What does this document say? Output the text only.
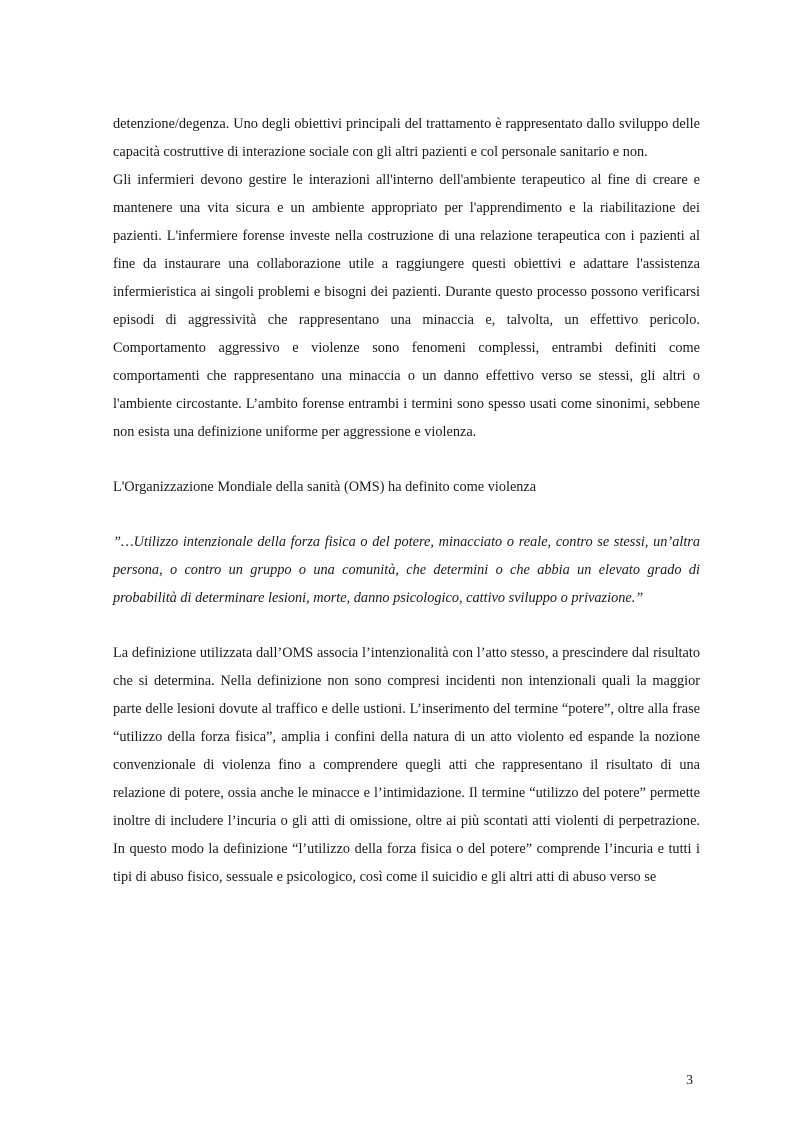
detenzione/degenza. Uno degli obiettivi principali del trattamento è rappresentato dallo sviluppo delle capacità costruttive di interazione sociale con gli altri pazienti e col personale sanitario e non.

Gli infermieri devono gestire le interazioni all'interno dell'ambiente terapeutico al fine di creare e mantenere una vita sicura e un ambiente appropriato per l'apprendimento e la riabilitazione dei pazienti. L'infermiere forense investe nella costruzione di una relazione terapeutica con i pazienti al fine da instaurare una collaborazione utile a raggiungere questi obiettivi e adattare l'assistenza infermieristica ai singoli problemi e bisogni dei pazienti. Durante questo processo possono verificarsi episodi di aggressività che rappresentano una minaccia e, talvolta, un effettivo pericolo. Comportamento aggressivo e violenze sono fenomeni complessi, entrambi definiti come comportamenti che rappresentano una minaccia o un danno effettivo verso se stessi, gli altri o l'ambiente circostante. L’ambito forense entrambi i termini sono spesso usati come sinonimi, sebbene non esista una definizione uniforme per aggressione e violenza.

L'Organizzazione Mondiale della sanità (OMS) ha definito come violenza

”…Utilizzo intenzionale della forza fisica o del potere, minacciato o reale, contro se stessi, un’altra persona, o contro un gruppo o una comunità, che determini o che abbia un elevato grado di probabilità di determinare lesioni, morte, danno psicologico, cattivo sviluppo o privazione.”

La definizione utilizzata dall’OMS associa l’intenzionalità con l’atto stesso, a prescindere dal risultato che si determina. Nella definizione non sono compresi incidenti non intenzionali quali la maggior parte delle lesioni dovute al traffico e delle ustioni. L’inserimento del termine “potere”, oltre alla frase “utilizzo della forza fisica”, amplia i confini della natura di un atto violento ed espande la nozione convenzionale di violenza fino a comprendere quegli atti che rappresentano il risultato di una relazione di potere, ossia anche le minacce e l’intimidazione. Il termine “utilizzo del potere” permette inoltre di includere l’incuria o gli atti di omissione, oltre ai più scontati atti violenti di perpetrazione. In questo modo la definizione “l’utilizzo della forza fisica o del potere” comprende l’incuria e tutti i tipi di abuso fisico, sessuale e psicologico, così come il suicidio e gli altri atti di abuso verso se

3
